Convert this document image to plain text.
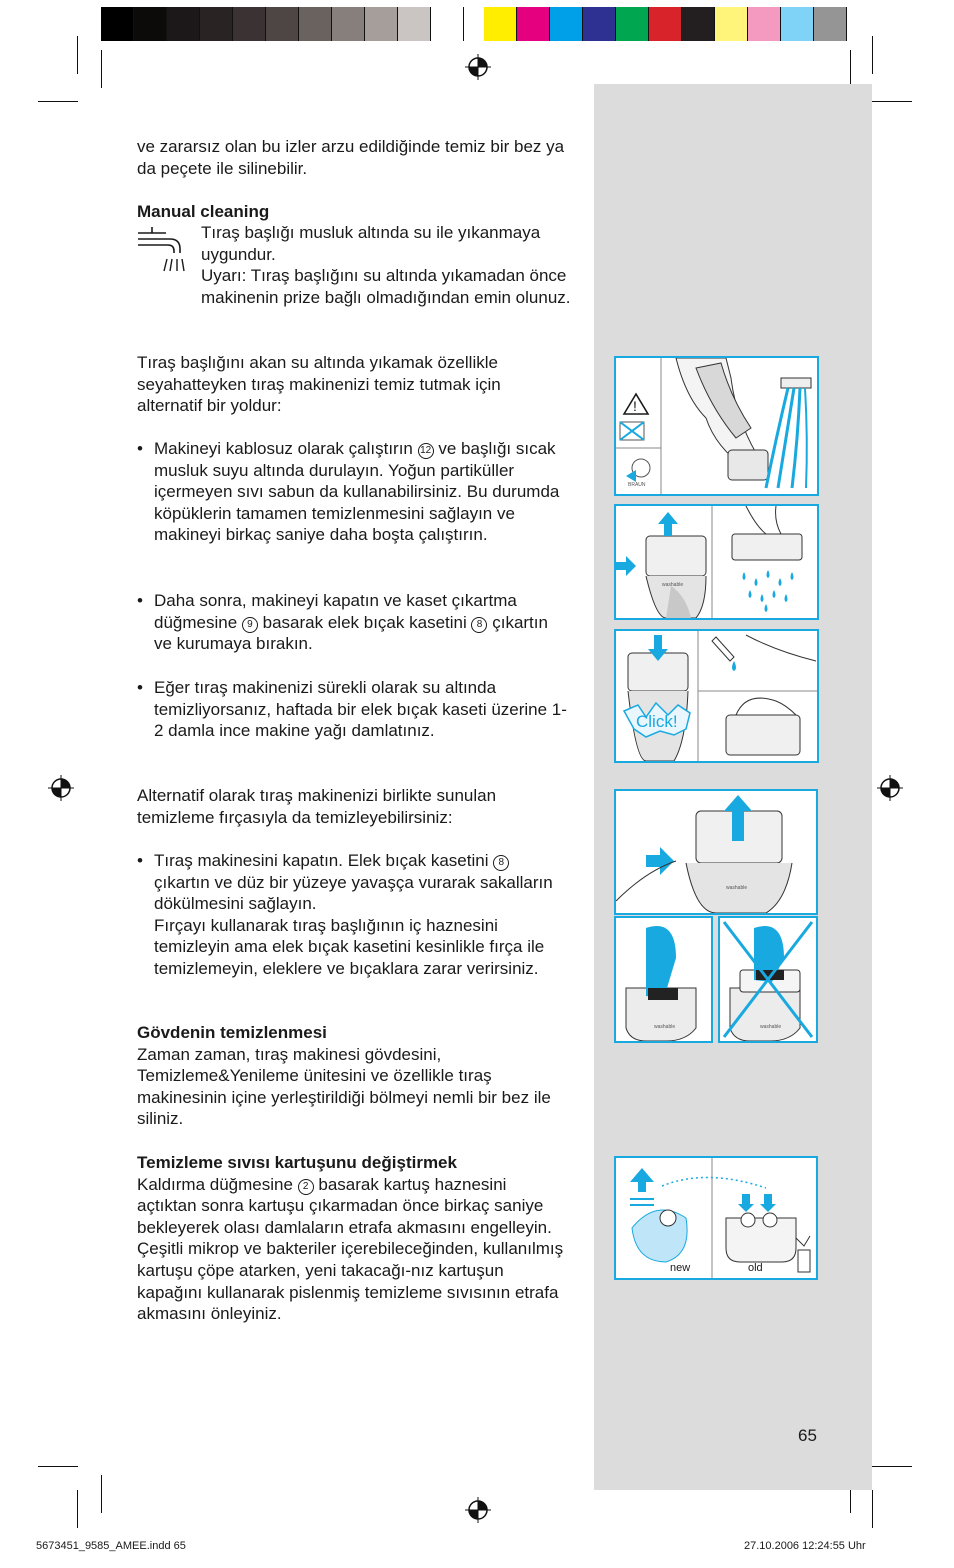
ve zararsız olan bu izler arzu edildiğinde temiz bir bez ya da peçete ile silinebilir.

Manual cleaning

Tıraş başlığı musluk altında su ile yıkanmaya uygundur.

Uyarı: Tıraş başlığını su altında yıkamadan önce makinenin prize bağlı olmadığından emin olunuz.

Tıraş başlığını akan su altında yıkamak özellikle seyahatteyken tıraş makinenizi temiz tutmak için alternatif bir yoldur:

• Makineyi kablosuz olarak çalıştırın 12 ve başlığı sıcak musluk suyu altında durulayın. Yoğun partiküller içermeyen sıvı sabun da kullanabilirsiniz. Bu durumda köpüklerin tamamen temizlenmesini sağlayın ve makineyi birkaç saniye daha boşta çalıştırın.
• Daha sonra, makineyi kapatın ve kaset çıkartma düğmesine 9 basarak elek bıçak kasetini 8 çıkartın ve kurumaya bırakın.
• Eğer tıraş makinenizi sürekli olarak su altında temizliyorsanız, haftada bir elek bıçak kaseti üzerine 1-2 damla ince makine yağı damlatınız.

Alternatif olarak tıraş makinenizi birlikte sunulan temizleme fırçasıyla da temizleyebilirsiniz:

• Tıraş makinesini kapatın. Elek bıçak kasetini 8 çıkartın ve düz bir yüzeye yavaşça vurarak sakalların dökülmesini sağlayın.
Fırçayı kullanarak tıraş başlığının iç haznesini temizleyin ama elek bıçak kasetini kesinlikle fırça ile temizlemeyin, eleklere ve bıçaklara zarar verirsiniz.

Gövdenin temizlenmesi

Zaman zaman, tıraş makinesi gövdesini, Temizleme&Yenileme ünitesini ve özellikle tıraş makinesinin içine yerleştirildiği bölmeyi nemli bir bez ile siliniz.

Temizleme sıvısı kartuşunu değiştirmek

Kaldırma düğmesine 2 basarak kartuş haznesini açtıktan sonra kartuşu çıkarmadan önce birkaç saniye bekleyerek olası damlaların etrafa akmasını engelleyin.

Çeşitli mikrop ve bakteriler içerebileceğinden, kullanılmış kartuşu çöpe atarken, yeni takacağı-nız kartuşun kapağını kullanarak pislenmiş temizleme sıvısının etrafa akmasını önleyiniz.

!
BRAUN
washable
Click!
washable
washable	washable
new	old
65
5673451_9585_AMEE.indd 65	27.10.2006 12:24:55 Uhr
